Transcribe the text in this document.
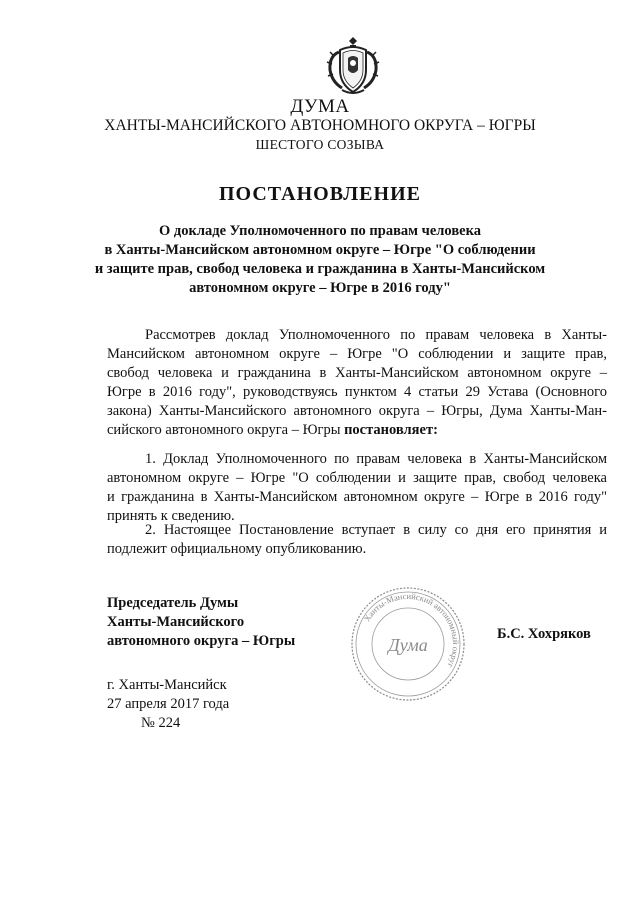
ДУМА
ХАНТЫ-МАНСИЙСКОГО АВТОНОМНОГО ОКРУГА – ЮГРЫ
ШЕСТОГО СОЗЫВА
ПОСТАНОВЛЕНИЕ
О докладе Уполномоченного по правам человека
в Ханты-Мансийском автономном округе – Югре "О соблюдении
и защите прав, свобод человека и гражданина в Ханты-Мансийском
автономном округе – Югре в 2016 году"
Рассмотрев доклад Уполномоченного по правам человека в Ханты-
Мансийском автономном округе – Югре "О соблюдении и защите прав,
свобод человека и гражданина в Ханты-Мансийском автономном округе –
Югре в 2016 году", руководствуясь пунктом 4 статьи 29 Устава (Основного
закона) Ханты-Мансийского автономного округа – Югры, Дума Ханты-Ман-
сийского автономного округа – Югры постановляет:
1. Доклад Уполномоченного по правам человека в Ханты-Мансийском
автономном округе – Югре "О соблюдении и защите прав, свобод человека
и гражданина в Ханты-Мансийском автономном округе – Югре в 2016 году"
принять к сведению.
2. Настоящее Постановление вступает в силу со дня его принятия и
подлежит официальному опубликованию.
Председатель Думы
Ханты-Мансийского
автономного округа – Югры
Ханты-Мансийский автономный округ
Дума
Б.С. Хохряков
г. Ханты-Мансийск
27 апреля 2017 года
№ 224
